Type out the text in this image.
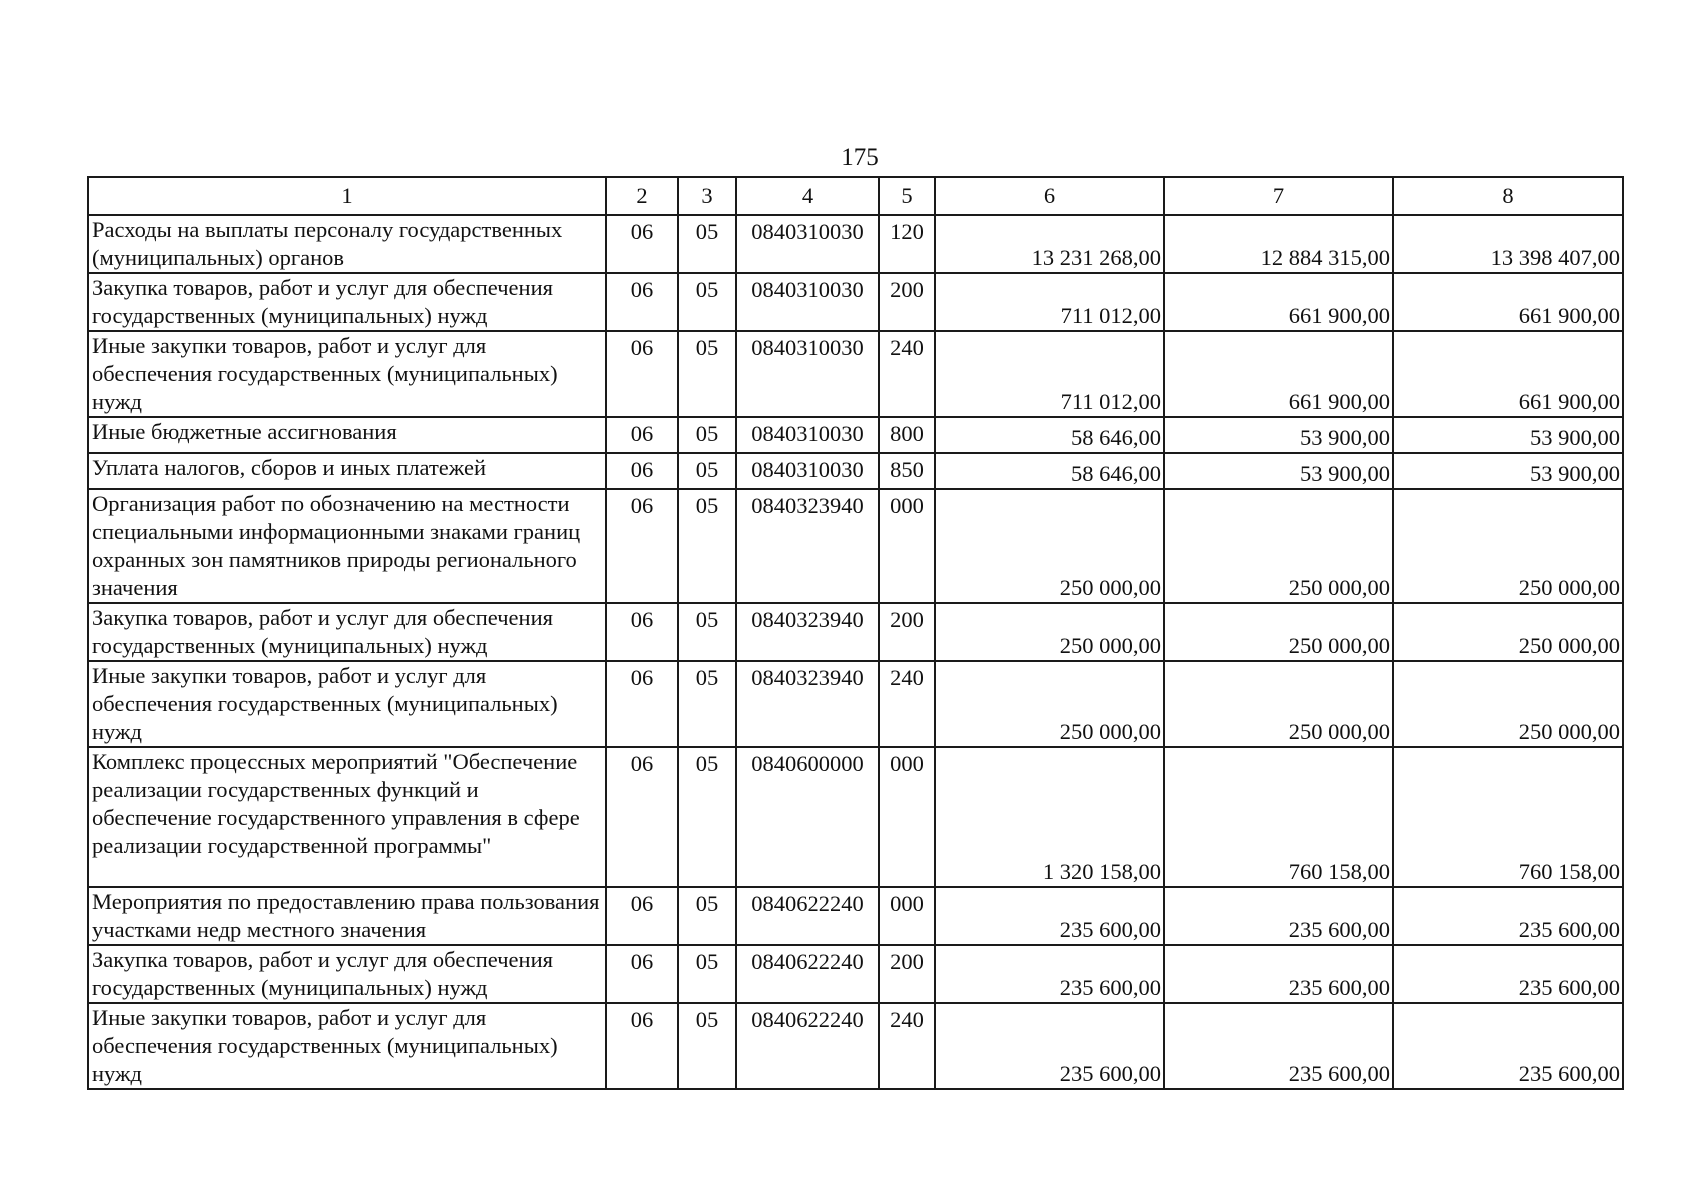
175
1	2	3	4	5	6	7	8
Расходы на выплаты персоналу государственных (муниципальных) органов	06	05	0840310030	120	13 231 268,00	12 884 315,00	13 398 407,00
Закупка товаров, работ и услуг для обеспечения государственных (муниципальных) нужд	06	05	0840310030	200	711 012,00	661 900,00	661 900,00
Иные закупки товаров, работ и услуг для обеспечения государственных (муниципальных) нужд	06	05	0840310030	240	711 012,00	661 900,00	661 900,00
Иные бюджетные ассигнования	06	05	0840310030	800	58 646,00	53 900,00	53 900,00
Уплата налогов, сборов и иных платежей	06	05	0840310030	850	58 646,00	53 900,00	53 900,00
Организация работ по обозначению на местности специальными информационными знаками границ охранных зон памятников природы регионального значения	06	05	0840323940	000	250 000,00	250 000,00	250 000,00
Закупка товаров, работ и услуг для обеспечения государственных (муниципальных) нужд	06	05	0840323940	200	250 000,00	250 000,00	250 000,00
Иные закупки товаров, работ и услуг для обеспечения государственных (муниципальных) нужд	06	05	0840323940	240	250 000,00	250 000,00	250 000,00
Комплекс процессных мероприятий "Обеспечение реализации государственных функций и обеспечение государственного управления в сфере реализации государственной программы"	06	05	0840600000	000	1 320 158,00	760 158,00	760 158,00
Мероприятия по предоставлению права пользования участками недр местного значения	06	05	0840622240	000	235 600,00	235 600,00	235 600,00
Закупка товаров, работ и услуг для обеспечения государственных (муниципальных) нужд	06	05	0840622240	200	235 600,00	235 600,00	235 600,00
Иные закупки товаров, работ и услуг для обеспечения государственных (муниципальных) нужд	06	05	0840622240	240	235 600,00	235 600,00	235 600,00
